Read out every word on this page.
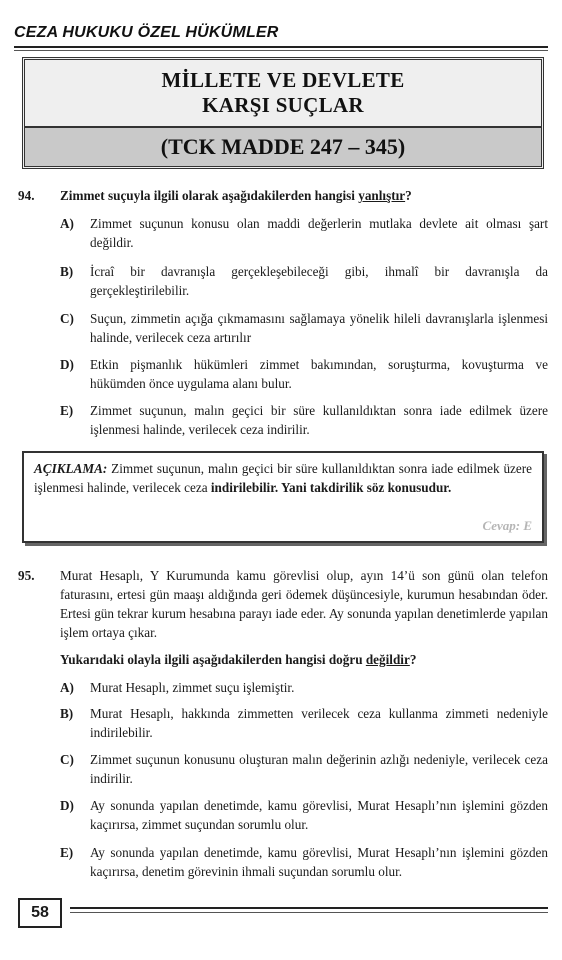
CEZA HUKUKU ÖZEL HÜKÜMLER
MİLLETE VE DEVLETE
KARŞI SUÇLAR
(TCK MADDE 247 – 345)
94. Zimmet suçuyla ilgili olarak aşağıdakilerden hangisi yanlıştır?
A)	Zimmet suçunun konusu olan maddi değerlerin mutlaka devlete ait olması şart değildir.
B)	İcraî bir davranışla gerçekleşebileceği gibi, ihmalî bir davranışla da gerçekleştirilebilir.
C)	Suçun, zimmetin açığa çıkmamasını sağlamaya yönelik hileli davranışlarla işlenmesi halinde, verilecek ceza artırılır
D)	Etkin pişmanlık hükümleri zimmet bakımından, soruşturma, kovuşturma ve hükümden önce uygulama alanı bulur.
E)	Zimmet suçunun, malın geçici bir süre kullanıldıktan sonra iade edilmek üzere işlenmesi halinde, verilecek ceza indirilir.
AÇIKLAMA: Zimmet suçunun, malın geçici bir süre kullanıldıktan sonra iade edilmek üzere işlenmesi halinde, verilecek ceza indirilebilir. Yani takdirilik söz konusudur.
Cevap: E
95. Murat Hesaplı, Y Kurumunda kamu görevlisi olup, ayın 14’ü son günü olan telefon faturasını, ertesi gün maaşı aldığında geri ödemek düşüncesiyle, kurumun hesabından öder. Ertesi gün tekrar kurum hesabına parayı iade eder. Ay sonunda yapılan denetimlerde yapılan işlem ortaya çıkar.
Yukarıdaki olayla ilgili aşağıdakilerden hangisi doğru değildir?
A)	Murat Hesaplı, zimmet suçu işlemiştir.
B)	Murat Hesaplı, hakkında zimmetten verilecek ceza kullanma zimmeti nedeniyle indirilebilir.
C)	Zimmet suçunun konusunu oluşturan malın değerinin azlığı nedeniyle, verilecek ceza indirilir.
D)	Ay sonunda yapılan denetimde, kamu görevlisi, Murat Hesaplı’nın işlemini gözden kaçırırsa, zimmet suçundan sorumlu olur.
E)	Ay sonunda yapılan denetimde, kamu görevlisi, Murat Hesaplı’nın işlemini gözden kaçırırsa, denetim görevinin ihmali suçundan sorumlu olur.
58
